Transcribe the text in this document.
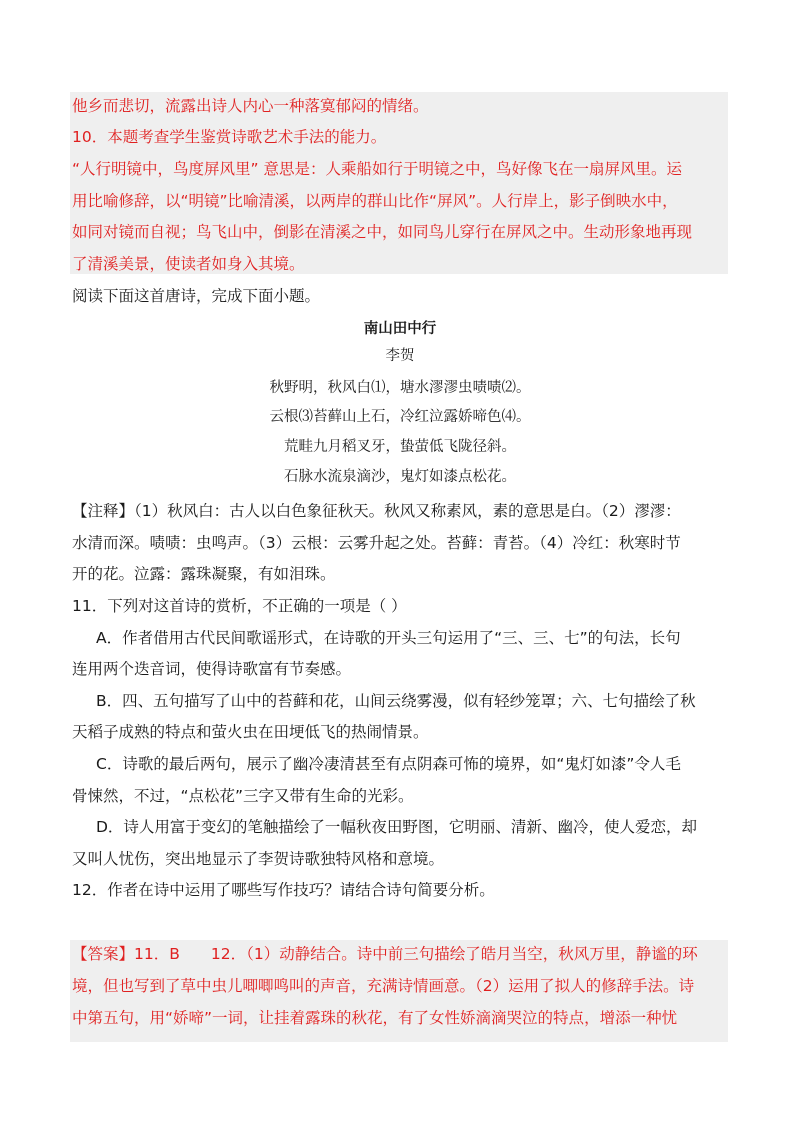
他乡而悲切，流露出诗人内心一种落寞郁闷的情绪。
10．本题考查学生鉴赏诗歌艺术手法的能力。
“人行明镜中，鸟度屏风里” 意思是：人乘船如行于明镜之中，鸟好像飞在一扇屏风里。运
用比喻修辞，以“明镜”比喻清溪，以两岸的群山比作“屏风”。人行岸上，影子倒映水中，
如同对镜而自视；鸟飞山中，倒影在清溪之中，如同鸟儿穿行在屏风之中。生动形象地再现
了清溪美景，使读者如身入其境。
阅读下面这首唐诗，完成下面小题。
南山田中行
李贺
秋野明，秋风白⑴，塘水漻漻虫啧啧⑵。
云根⑶苔藓山上石，冷红泣露娇啼色⑷。
荒畦九月稻叉牙，蛰萤低飞陇径斜。
石脉水流泉滴沙，鬼灯如漆点松花。
【注释】（1）秋风白：古人以白色象征秋天。秋风又称素风，素的意思是白。（2）漻漻：
水清而深。啧啧：虫鸣声。（3）云根：云雾升起之处。苔藓：青苔。（4）冷红：秋寒时节
开的花。泣露：露珠凝聚，有如泪珠。
11．下列对这首诗的赏析，不正确的一项是（ ）
A．作者借用古代民间歌谣形式，在诗歌的开头三句运用了“三、三、七”的句法，长句
连用两个迭音词，使得诗歌富有节奏感。
B．四、五句描写了山中的苔藓和花，山间云绕雾漫，似有轻纱笼罩；六、七句描绘了秋
天稻子成熟的特点和萤火虫在田埂低飞的热闹情景。
C．诗歌的最后两句，展示了幽冷凄清甚至有点阴森可怖的境界，如“鬼灯如漆”令人毛
骨悚然，不过，“点松花”三字又带有生命的光彩。
D．诗人用富于变幻的笔触描绘了一幅秋夜田野图，它明丽、清新、幽冷，使人爱恋，却
又叫人忧伤，突出地显示了李贺诗歌独特风格和意境。
12．作者在诗中运用了哪些写作技巧？请结合诗句简要分析。
【答案】11．B　　12．（1）动静结合。诗中前三句描绘了皓月当空，秋风万里，静谧的环
境，但也写到了草中虫儿唧唧鸣叫的声音，充满诗情画意。（2）运用了拟人的修辞手法。诗
中第五句，用“娇啼”一词，让挂着露珠的秋花，有了女性娇滴滴哭泣的特点，增添一种忧
